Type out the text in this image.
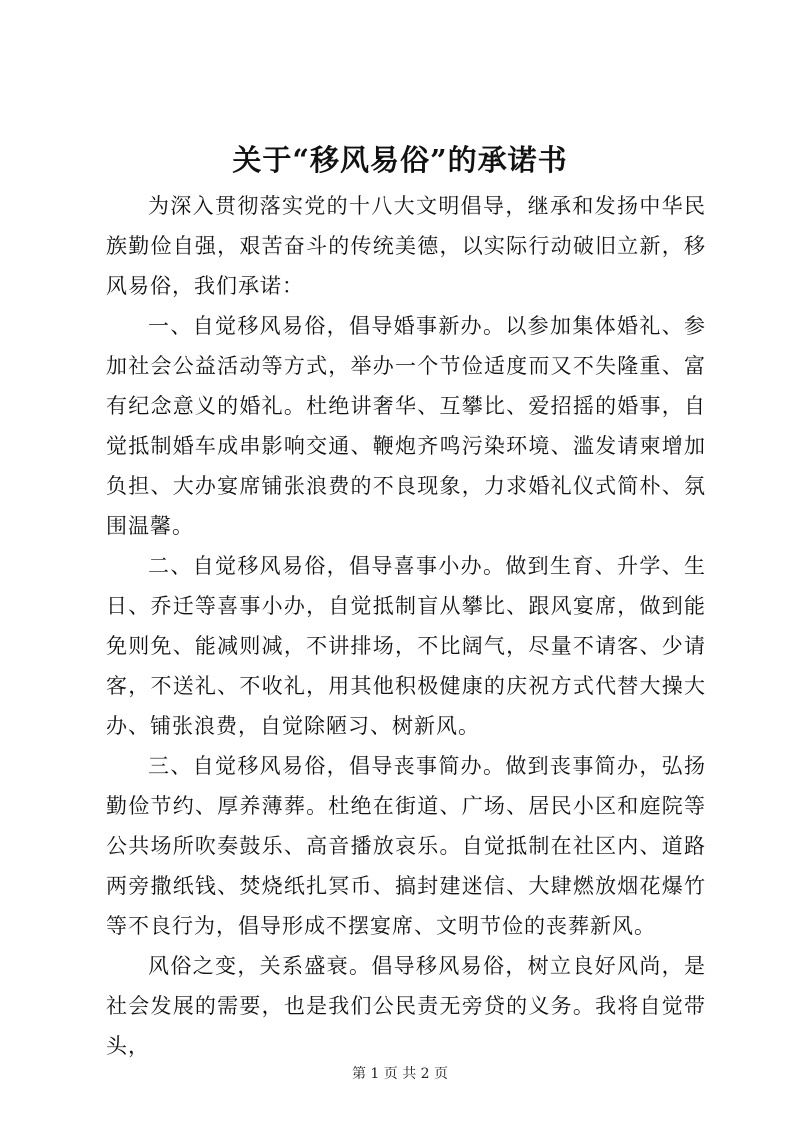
关于“移风易俗”的承诺书

为深入贯彻落实党的十八大文明倡导，继承和发扬中华民族勤俭自强，艰苦奋斗的传统美德，以实际行动破旧立新，移风易俗，我们承诺：

一、自觉移风易俗，倡导婚事新办。以参加集体婚礼、参加社会公益活动等方式，举办一个节俭适度而又不失隆重、富有纪念意义的婚礼。杜绝讲奢华、互攀比、爱招摇的婚事，自觉抵制婚车成串影响交通、鞭炮齐鸣污染环境、滥发请柬增加负担、大办宴席铺张浪费的不良现象，力求婚礼仪式简朴、氛围温馨。

二、自觉移风易俗，倡导喜事小办。做到生育、升学、生日、乔迁等喜事小办，自觉抵制盲从攀比、跟风宴席，做到能免则免、能减则减，不讲排场，不比阔气，尽量不请客、少请客，不送礼、不收礼，用其他积极健康的庆祝方式代替大操大办、铺张浪费，自觉除陋习、树新风。

三、自觉移风易俗，倡导丧事简办。做到丧事简办，弘扬勤俭节约、厚养薄葬。杜绝在街道、广场、居民小区和庭院等公共场所吹奏鼓乐、高音播放哀乐。自觉抵制在社区内、道路两旁撒纸钱、焚烧纸扎冥币、搞封建迷信、大肆燃放烟花爆竹等不良行为，倡导形成不摆宴席、文明节俭的丧葬新风。

风俗之变，关系盛衰。倡导移风易俗，树立良好风尚，是社会发展的需要，也是我们公民责无旁贷的义务。我将自觉带头，

第 1 页 共 2 页
